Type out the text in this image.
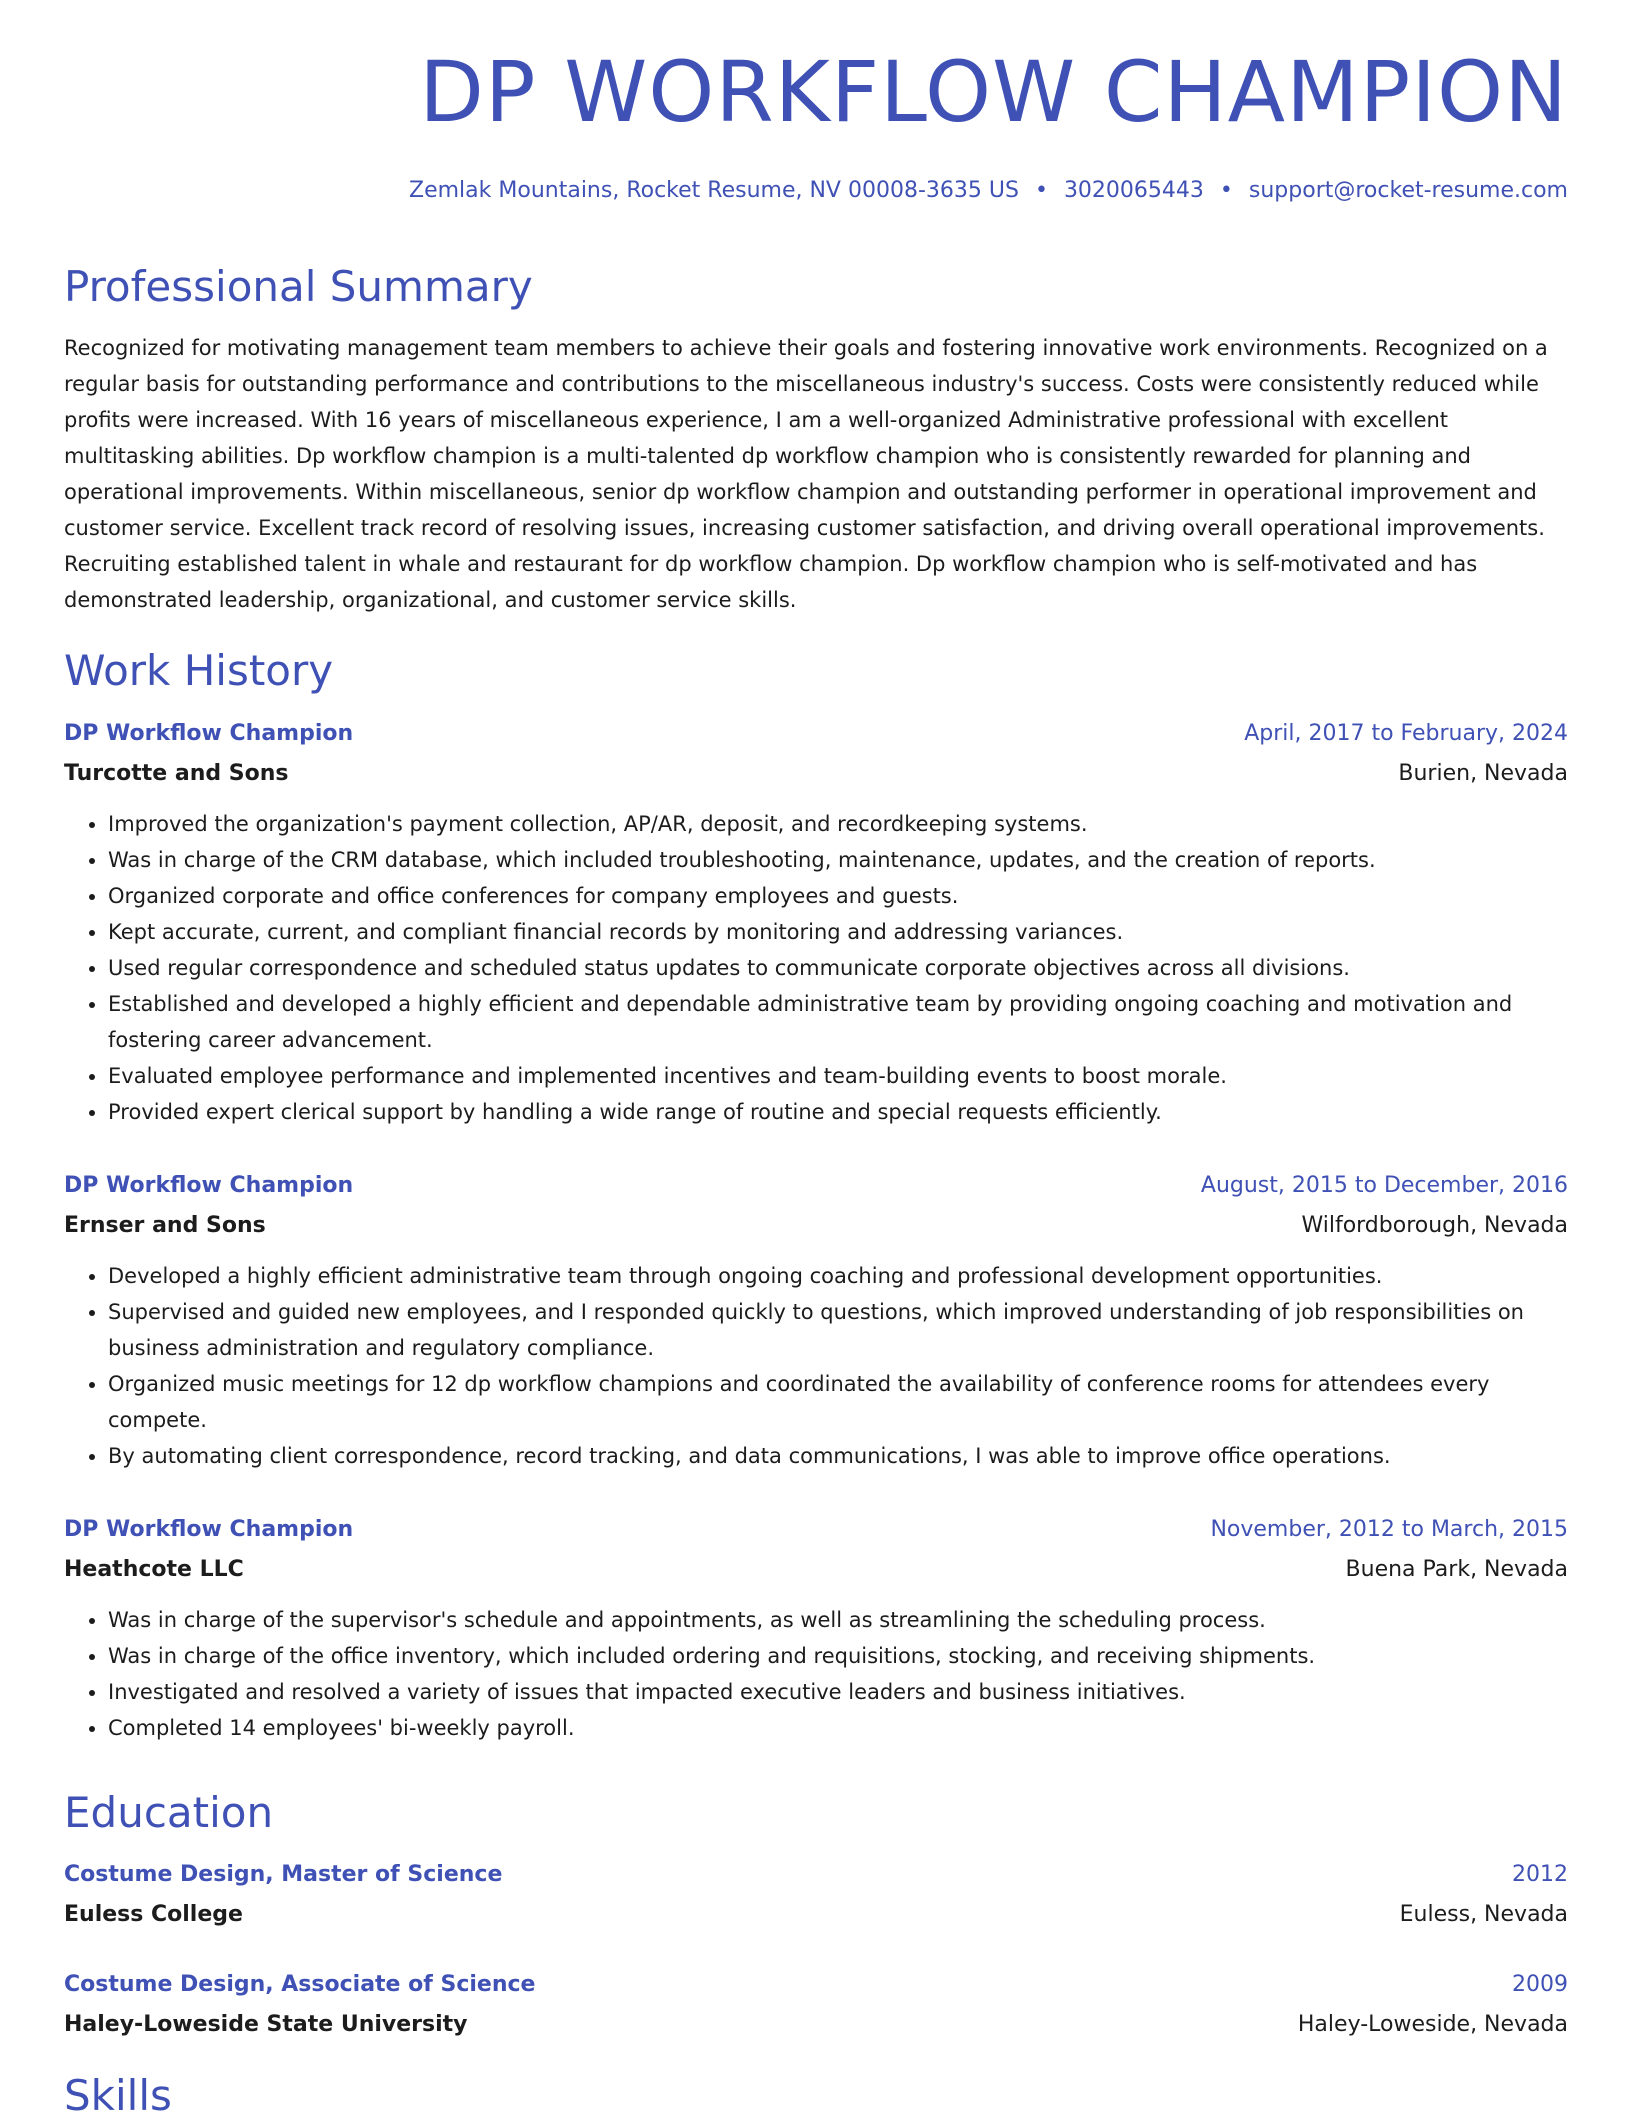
DP WORKFLOW CHAMPION
Zemlak Mountains, Rocket Resume, NV 00008-3635 US • 3020065443 • support@rocket-resume.com
Professional Summary

Recognized for motivating management team members to achieve their goals and fostering innovative work environments. Recognized on a regular basis for outstanding performance and contributions to the miscellaneous industry's success. Costs were consistently reduced while profits were increased. With 16 years of miscellaneous experience, I am a well-organized Administrative professional with excellent multitasking abilities. Dp workflow champion is a multi-talented dp workflow champion who is consistently rewarded for planning and operational improvements. Within miscellaneous, senior dp workflow champion and outstanding performer in operational improvement and customer service. Excellent track record of resolving issues, increasing customer satisfaction, and driving overall operational improvements. Recruiting established talent in whale and restaurant for dp workflow champion. Dp workflow champion who is self-motivated and has demonstrated leadership, organizational, and customer service skills.

Work History
DP Workflow Champion	April, 2017 to February, 2024
Turcotte and Sons	Burien, Nevada
• Improved the organization's payment collection, AP/AR, deposit, and recordkeeping systems.
• Was in charge of the CRM database, which included troubleshooting, maintenance, updates, and the creation of reports.
• Organized corporate and office conferences for company employees and guests.
• Kept accurate, current, and compliant financial records by monitoring and addressing variances.
• Used regular correspondence and scheduled status updates to communicate corporate objectives across all divisions.
• Established and developed a highly efficient and dependable administrative team by providing ongoing coaching and motivation and fostering career advancement.
• Evaluated employee performance and implemented incentives and team-building events to boost morale.
• Provided expert clerical support by handling a wide range of routine and special requests efficiently.
DP Workflow Champion	August, 2015 to December, 2016
Ernser and Sons	Wilfordborough, Nevada
• Developed a highly efficient administrative team through ongoing coaching and professional development opportunities.
• Supervised and guided new employees, and I responded quickly to questions, which improved understanding of job responsibilities on business administration and regulatory compliance.
• Organized music meetings for 12 dp workflow champions and coordinated the availability of conference rooms for attendees every compete.
• By automating client correspondence, record tracking, and data communications, I was able to improve office operations.
DP Workflow Champion	November, 2012 to March, 2015
Heathcote LLC	Buena Park, Nevada
• Was in charge of the supervisor's schedule and appointments, as well as streamlining the scheduling process.
• Was in charge of the office inventory, which included ordering and requisitions, stocking, and receiving shipments.
• Investigated and resolved a variety of issues that impacted executive leaders and business initiatives.
• Completed 14 employees' bi-weekly payroll.
Education
Costume Design, Master of Science	2012
Euless College	Euless, Nevada
Costume Design, Associate of Science	2009
Haley-Loweside State University	Haley-Loweside, Nevada
Skills
